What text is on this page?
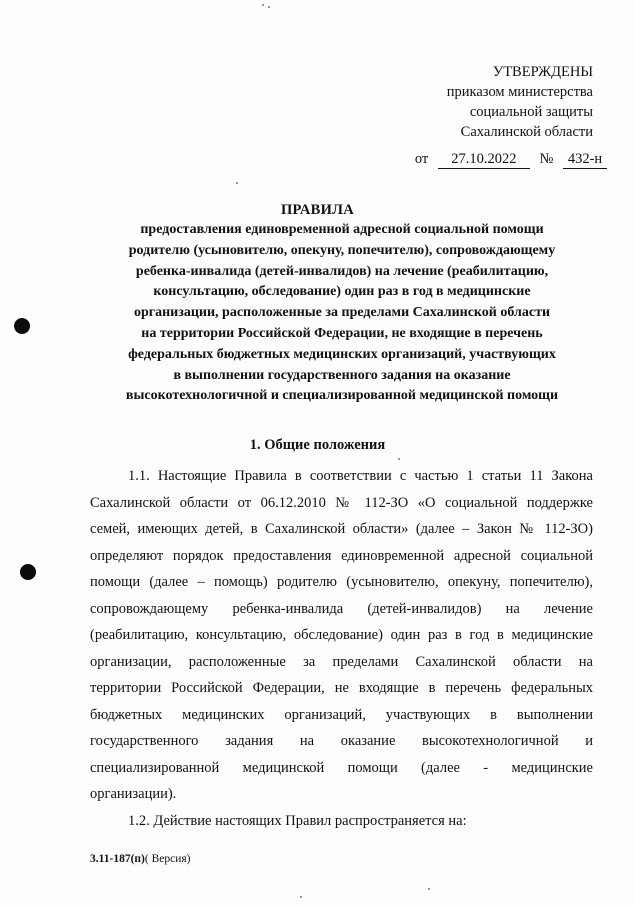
УТВЕРЖДЕНЫ
приказом министерства
социальной защиты
Сахалинской области
от 27.10.2022 № 432-н
ПРАВИЛА
предоставления единовременной адресной социальной помощи
родителю (усыновителю, опекуну, попечителю), сопровождающему
ребенка-инвалида (детей-инвалидов) на лечение (реабилитацию,
консультацию, обследование) один раз в год в медицинские
организации, расположенные за пределами Сахалинской области
на территории Российской Федерации, не входящие в перечень
федеральных бюджетных медицинских организаций, участвующих
в выполнении государственного задания на оказание
высокотехнологичной и специализированной медицинской помощи
1. Общие положения
1.1. Настоящие Правила в соответствии с частью 1 статьи 11 Закона
Сахалинской области от 06.12.2010 № 112-ЗО «О социальной поддержке
семей, имеющих детей, в Сахалинской области» (далее – Закон № 112-ЗО)
определяют порядок предоставления единовременной адресной социальной
помощи (далее – помощь) родителю (усыновителю, опекуну, попечителю),
сопровождающему ребенка-инвалида (детей-инвалидов) на лечение
(реабилитацию, консультацию, обследование) один раз в год в медицинские
организации, расположенные за пределами Сахалинской области на
территории Российской Федерации, не входящие в перечень федеральных
бюджетных медицинских организаций, участвующих в выполнении
государственного задания на оказание высокотехнологичной и
специализированной медицинской помощи (далее - медицинские
организации).
1.2. Действие настоящих Правил распространяется на:
3.11-187(п)( Версия)
